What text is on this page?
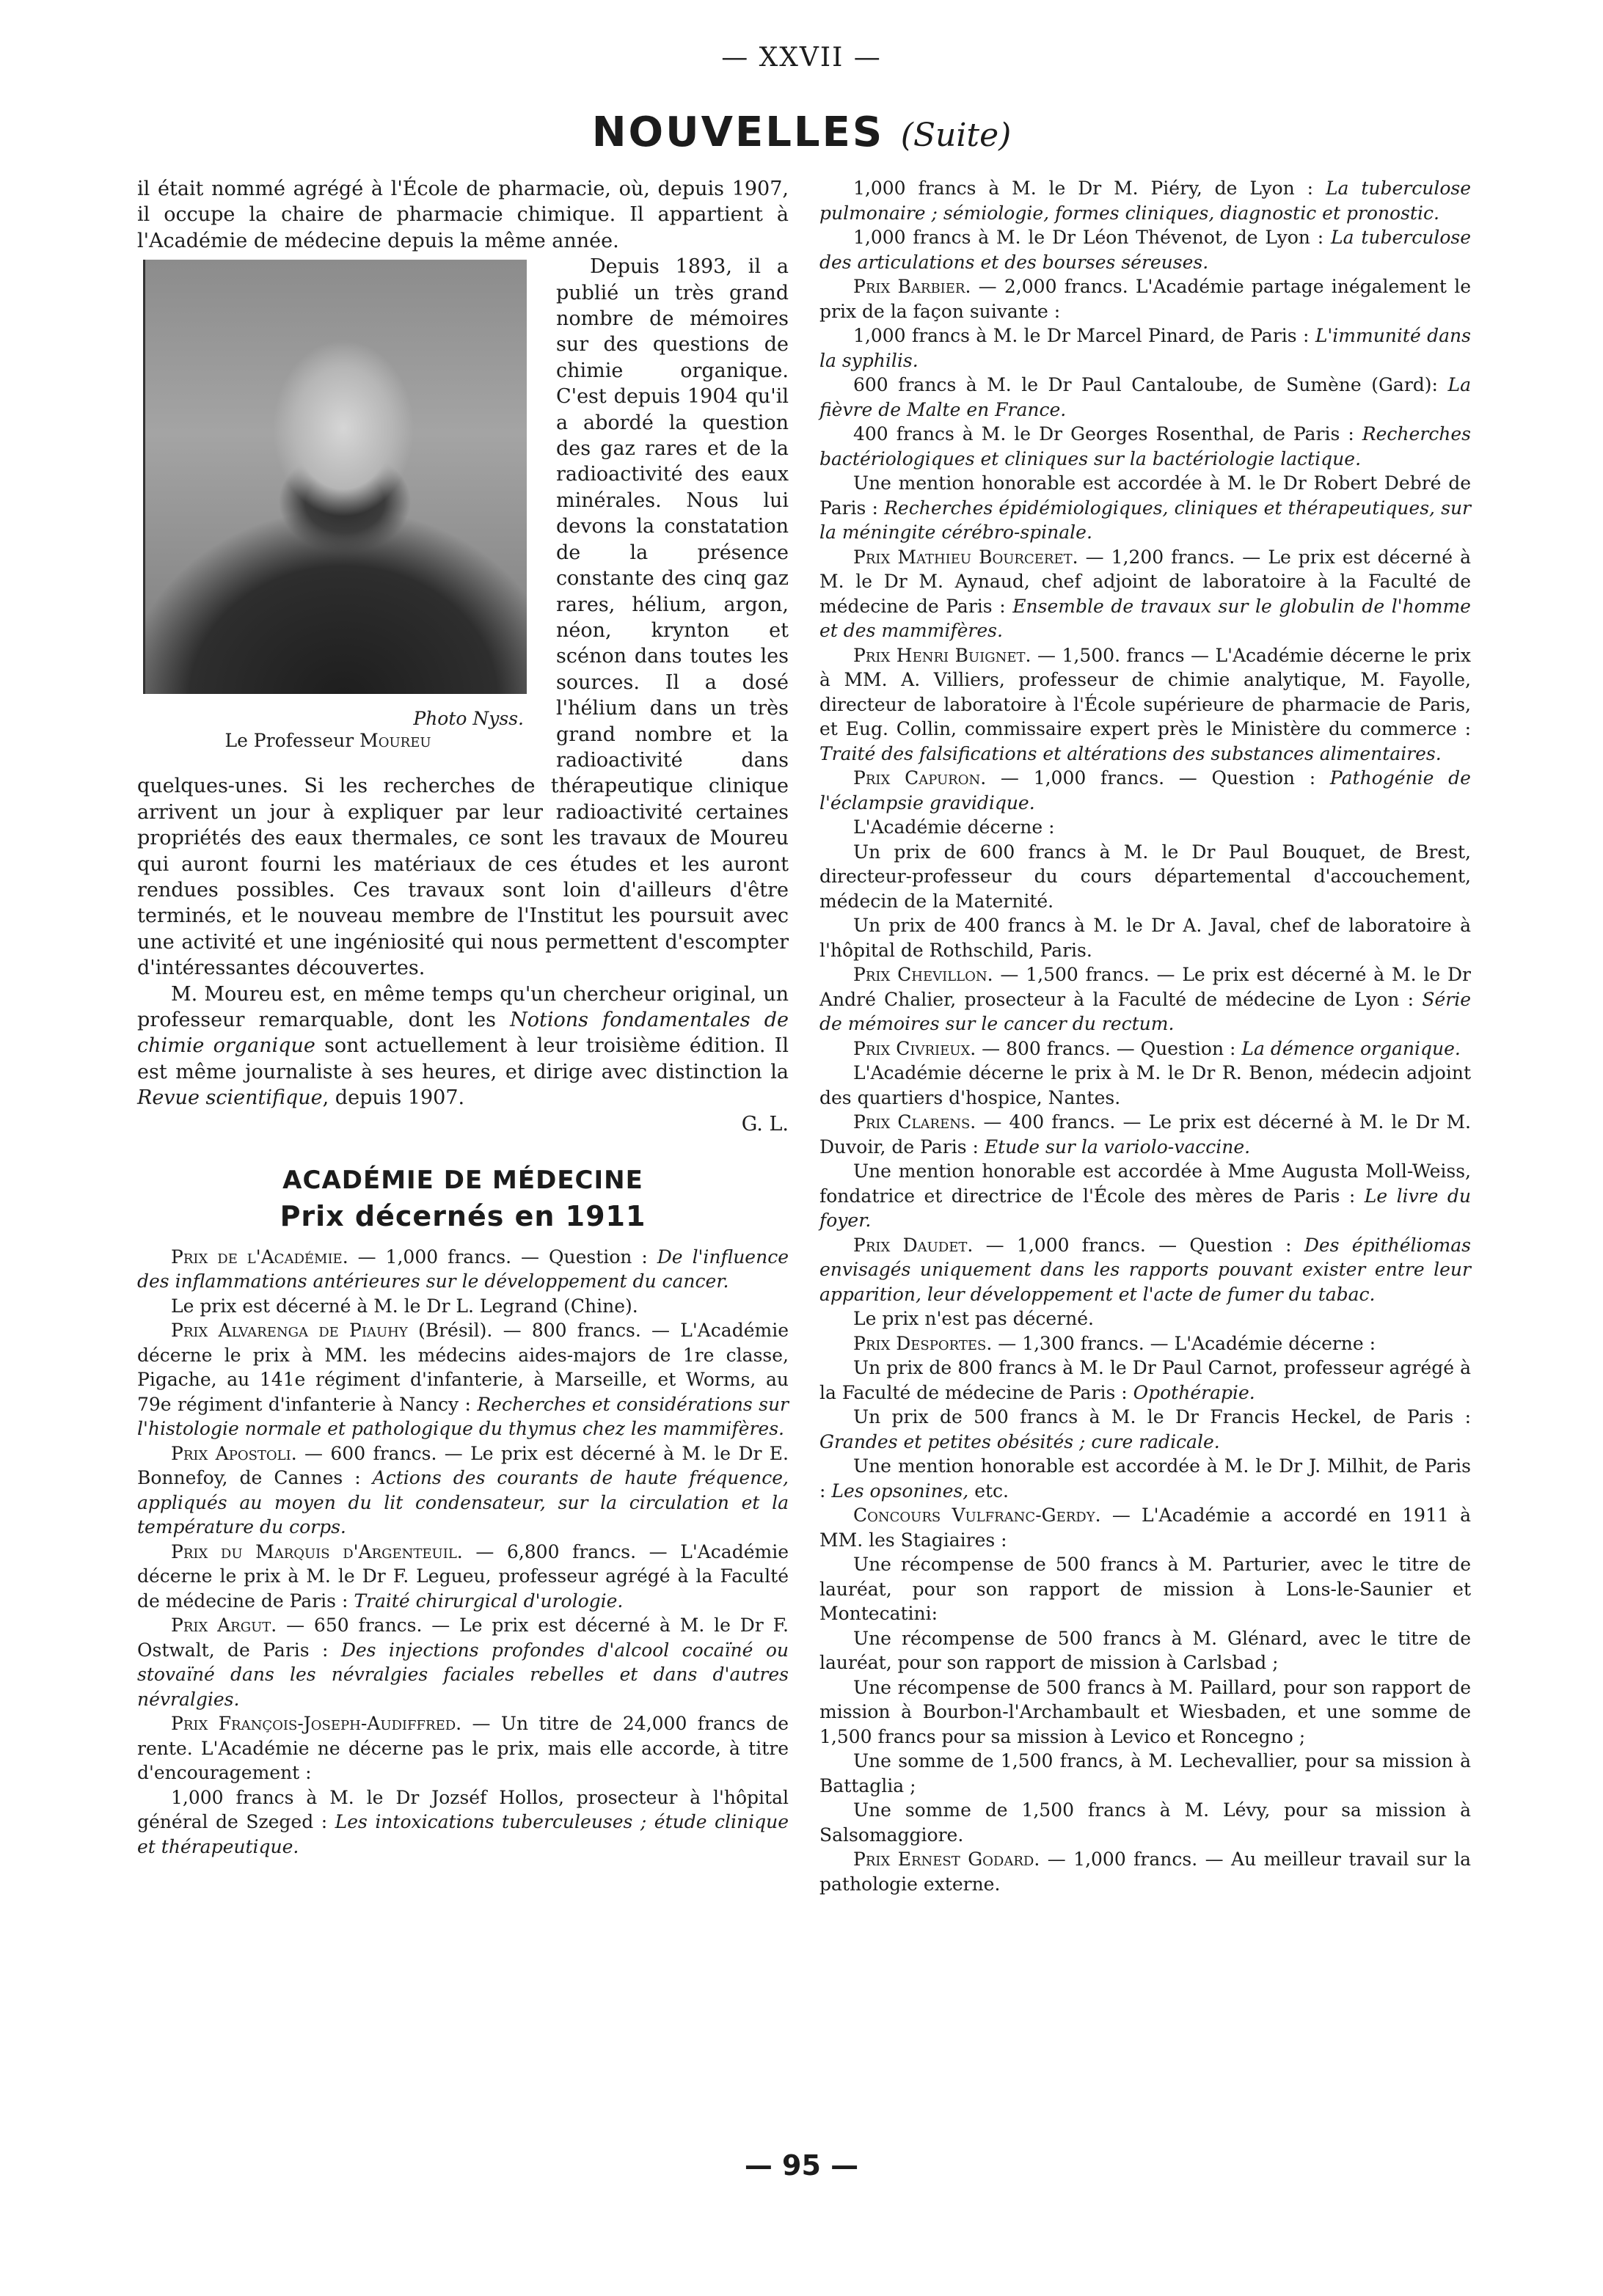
— XXVII —
NOUVELLES (Suite)

il était nommé agrégé à l'École de pharmacie, où, depuis 1907, il occupe la chaire de pharmacie chimique. Il appartient à l'Académie de médecine depuis la même année.

Photo Nyss.
Le Professeur Moureu

Depuis 1893, il a publié un très grand nombre de mémoires sur des questions de chimie organique. C'est depuis 1904 qu'il a abordé la question des gaz rares et de la radioactivité des eaux minérales. Nous lui devons la constatation de la présence constante des cinq gaz rares, hélium, argon, néon, krynton et scénon dans toutes les sources. Il a dosé l'hélium dans un très grand nombre et la radioactivité dans quelques-unes. Si les recherches de thérapeutique clinique arrivent un jour à expliquer par leur radioactivité certaines propriétés des eaux thermales, ce sont les travaux de Moureu qui auront fourni les matériaux de ces études et les auront rendues possibles. Ces travaux sont loin d'ailleurs d'être terminés, et le nouveau membre de l'Institut les poursuit avec une activité et une ingéniosité qui nous permettent d'escompter d'intéressantes découvertes.

M. Moureu est, en même temps qu'un chercheur original, un professeur remarquable, dont les Notions fondamentales de chimie organique sont actuellement à leur troisième édition. Il est même journaliste à ses heures, et dirige avec distinction la Revue scientifique, depuis 1907.

G. L.
ACADÉMIE DE MÉDECINE
Prix décernés en 1911

Prix de l'Académie. — 1,000 francs. — Question : De l'influence des inflammations antérieures sur le développement du cancer.

Le prix est décerné à M. le Dr L. Legrand (Chine).

Prix Alvarenga de Piauhy (Brésil). — 800 francs. — L'Académie décerne le prix à MM. les médecins aides-majors de 1re classe, Pigache, au 141e régiment d'infanterie, à Marseille, et Worms, au 79e régiment d'infanterie à Nancy : Recherches et considérations sur l'histologie normale et pathologique du thymus chez les mammifères.

Prix Apostoli. — 600 francs. — Le prix est décerné à M. le Dr E. Bonnefoy, de Cannes : Actions des courants de haute fréquence, appliqués au moyen du lit condensateur, sur la circulation et la température du corps.

Prix du Marquis d'Argenteuil. — 6,800 francs. — L'Académie décerne le prix à M. le Dr F. Legueu, professeur agrégé à la Faculté de médecine de Paris : Traité chirurgical d'urologie.

Prix Argut. — 650 francs. — Le prix est décerné à M. le Dr F. Ostwalt, de Paris : Des injections profondes d'alcool cocaïné ou stovaïné dans les névralgies faciales rebelles et dans d'autres névralgies.

Prix François-Joseph-Audiffred. — Un titre de 24,000 francs de rente. L'Académie ne décerne pas le prix, mais elle accorde, à titre d'encouragement :

1,000 francs à M. le Dr Jozséf Hollos, prosecteur à l'hôpital général de Szeged : Les intoxications tuberculeuses ; étude clinique et thérapeutique.

1,000 francs à M. le Dr M. Piéry, de Lyon : La tuberculose pulmonaire ; sémiologie, formes cliniques, diagnostic et pronostic.

1,000 francs à M. le Dr Léon Thévenot, de Lyon : La tuberculose des articulations et des bourses séreuses.

Prix Barbier. — 2,000 francs. L'Académie partage inégalement le prix de la façon suivante :

1,000 francs à M. le Dr Marcel Pinard, de Paris : L'immunité dans la syphilis.

600 francs à M. le Dr Paul Cantaloube, de Sumène (Gard): La fièvre de Malte en France.

400 francs à M. le Dr Georges Rosenthal, de Paris : Recherches bactériologiques et cliniques sur la bactériologie lactique.

Une mention honorable est accordée à M. le Dr Robert Debré de Paris : Recherches épidémiologiques, cliniques et thérapeutiques, sur la méningite cérébro-spinale.

Prix Mathieu Bourceret. — 1,200 francs. — Le prix est décerné à M. le Dr M. Aynaud, chef adjoint de laboratoire à la Faculté de médecine de Paris : Ensemble de travaux sur le globulin de l'homme et des mammifères.

Prix Henri Buignet. — 1,500. francs — L'Académie décerne le prix à MM. A. Villiers, professeur de chimie analytique, M. Fayolle, directeur de laboratoire à l'École supérieure de pharmacie de Paris, et Eug. Collin, commissaire expert près le Ministère du commerce : Traité des falsifications et altérations des substances alimentaires.

Prix Capuron. — 1,000 francs. — Question : Pathogénie de l'éclampsie gravidique.

L'Académie décerne :

Un prix de 600 francs à M. le Dr Paul Bouquet, de Brest, directeur-professeur du cours départemental d'accouchement, médecin de la Maternité.

Un prix de 400 francs à M. le Dr A. Javal, chef de laboratoire à l'hôpital de Rothschild, Paris.

Prix Chevillon. — 1,500 francs. — Le prix est décerné à M. le Dr André Chalier, prosecteur à la Faculté de médecine de Lyon : Série de mémoires sur le cancer du rectum.

Prix Civrieux. — 800 francs. — Question : La démence organique.

L'Académie décerne le prix à M. le Dr R. Benon, médecin adjoint des quartiers d'hospice, Nantes.

Prix Clarens. — 400 francs. — Le prix est décerné à M. le Dr M. Duvoir, de Paris : Etude sur la variolo-vaccine.

Une mention honorable est accordée à Mme Augusta Moll-Weiss, fondatrice et directrice de l'École des mères de Paris : Le livre du foyer.

Prix Daudet. — 1,000 francs. — Question : Des épithéliomas envisagés uniquement dans les rapports pouvant exister entre leur apparition, leur développement et l'acte de fumer du tabac.

Le prix n'est pas décerné.

Prix Desportes. — 1,300 francs. — L'Académie décerne :

Un prix de 800 francs à M. le Dr Paul Carnot, professeur agrégé à la Faculté de médecine de Paris : Opothérapie.

Un prix de 500 francs à M. le Dr Francis Heckel, de Paris : Grandes et petites obésités ; cure radicale.

Une mention honorable est accordée à M. le Dr J. Milhit, de Paris : Les opsonines, etc.

Concours Vulfranc-Gerdy. — L'Académie a accordé en 1911 à MM. les Stagiaires :

Une récompense de 500 francs à M. Parturier, avec le titre de lauréat, pour son rapport de mission à Lons-le-Saunier et Montecatini:

Une récompense de 500 francs à M. Glénard, avec le titre de lauréat, pour son rapport de mission à Carlsbad ;

Une récompense de 500 francs à M. Paillard, pour son rapport de mission à Bourbon-l'Archambault et Wiesbaden, et une somme de 1,500 francs pour sa mission à Levico et Roncegno ;

Une somme de 1,500 francs, à M. Lechevallier, pour sa mission à Battaglia ;

Une somme de 1,500 francs à M. Lévy, pour sa mission à Salsomaggiore.

Prix Ernest Godard. — 1,000 francs. — Au meilleur travail sur la pathologie externe.

— 95 —
